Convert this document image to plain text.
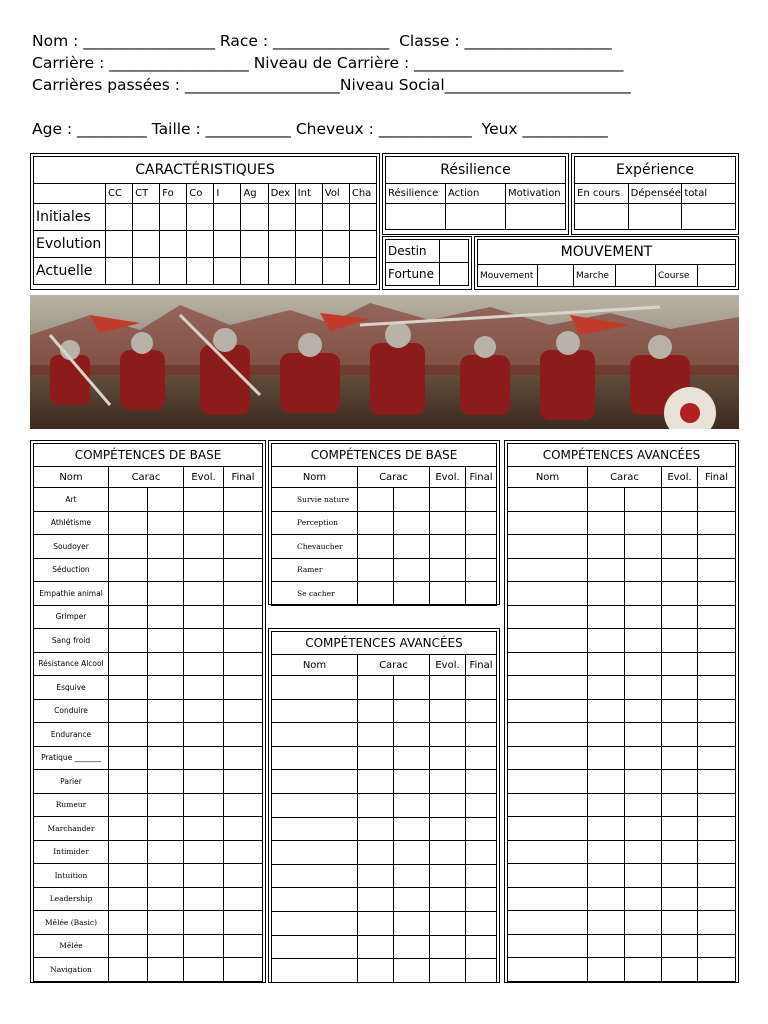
Nom : _________________ Race : _______________  Classe : ___________________
Carrière : __________________ Niveau de Carrière : ___________________________
Carrières passées : ____________________Niveau Social________________________
Age : _________ Taille : ___________ Cheveux : ____________  Yeux ___________
CARACTÉRISTIQUES										
	CC	CT	Fo	Co	I	Ag	Dex	Int	Vol	Cha
Initiales										
Evolution										
Actuelle										
Résilience		
Résilience	Action	Motivation

Expérience		
En cours	Dépensée	total

Destin	
Fortune	
MOUVEMENT
Mouvement		Marche		Course	
COMPÉTENCES DE BASE				
Nom	Carac		Evol.	Final
Art				
Athlétisme				
Soudoyer				
Séduction				
Empathie animal				
Grimper				
Sang froid				
Résistance Alcool				
Esquive				
Conduire				
Endurance				
Pratique _______				
Parier				
Rumeur				
Marchander				
Intimider				
Intuition				
Leadership				
Mêlée (Basic)				
Mêlée				
Navigation				
COMPÉTENCES DE BASE				
Nom	Carac		Evol.	Final
Survie nature				
Perception				
Chevaucher				
Ramer				
Se cacher				
COMPÉTENCES AVANCÉES				
Nom	Carac		Evol.	Final

COMPÉTENCES AVANCÉES				
Nom	Carac		Evol.	Final
